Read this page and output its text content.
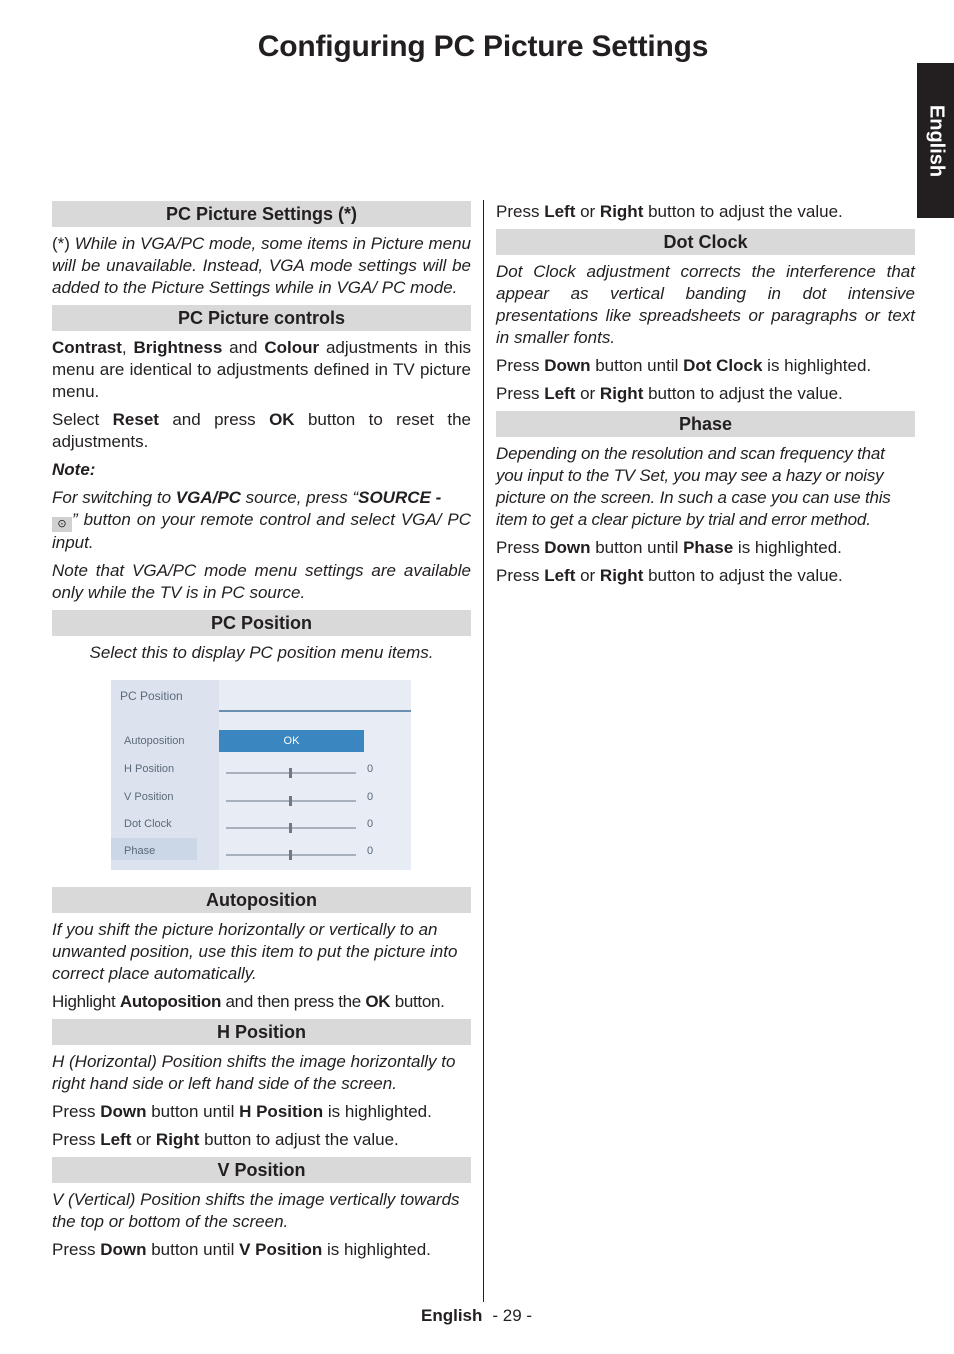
Configuring PC Picture Settings
English
PC Picture Settings (*)

(*) While in VGA/PC mode, some items in Picture menu will be unavailable. Instead, VGA mode settings will be added to the Picture Settings while in VGA/ PC mode.

PC Picture controls

Contrast, Brightness and Colour adjustments in this menu are identical to adjustments defined in TV picture menu.

Select Reset and press OK button to reset the adjustments.

Note:

For switching to VGA/PC source, press “SOURCE -
⊙ ” button on your remote control and select VGA/ PC input.

Note that VGA/PC mode menu settings are available only while the TV is in PC source.

PC Position

Select this to display PC position menu items.

PC Position
Autoposition
H Position
V Position
Dot Clock
Phase
OK
0
0
0
0
Autoposition

If you shift the picture horizontally or vertically to an unwanted position, use this item to put the picture into correct place automatically.

Highlight Autoposition and then press the OK button.

H Position

H (Horizontal) Position shifts the image horizontally to right hand side or left hand side of the screen.

Press Down button until H Position is highlighted.

Press Left or Right button to adjust the value.

V Position

V (Vertical) Position shifts the image vertically towards the top or bottom of the screen.

Press Down button until V Position is highlighted.

Press Left or Right button to adjust the value.

Dot Clock

Dot Clock adjustment corrects the interference that appear as vertical banding in dot intensive presentations like spreadsheets or paragraphs or text in smaller fonts.

Press Down button until Dot Clock is highlighted.

Press Left or Right button to adjust the value.

Phase

Depending on the resolution and scan frequency that you input to the TV Set, you may see a hazy or noisy picture on the screen. In such a case you can use this item to get a clear picture by trial and error method.

Press Down button until Phase is highlighted.

Press Left or Right button to adjust the value.

English - 29 -
